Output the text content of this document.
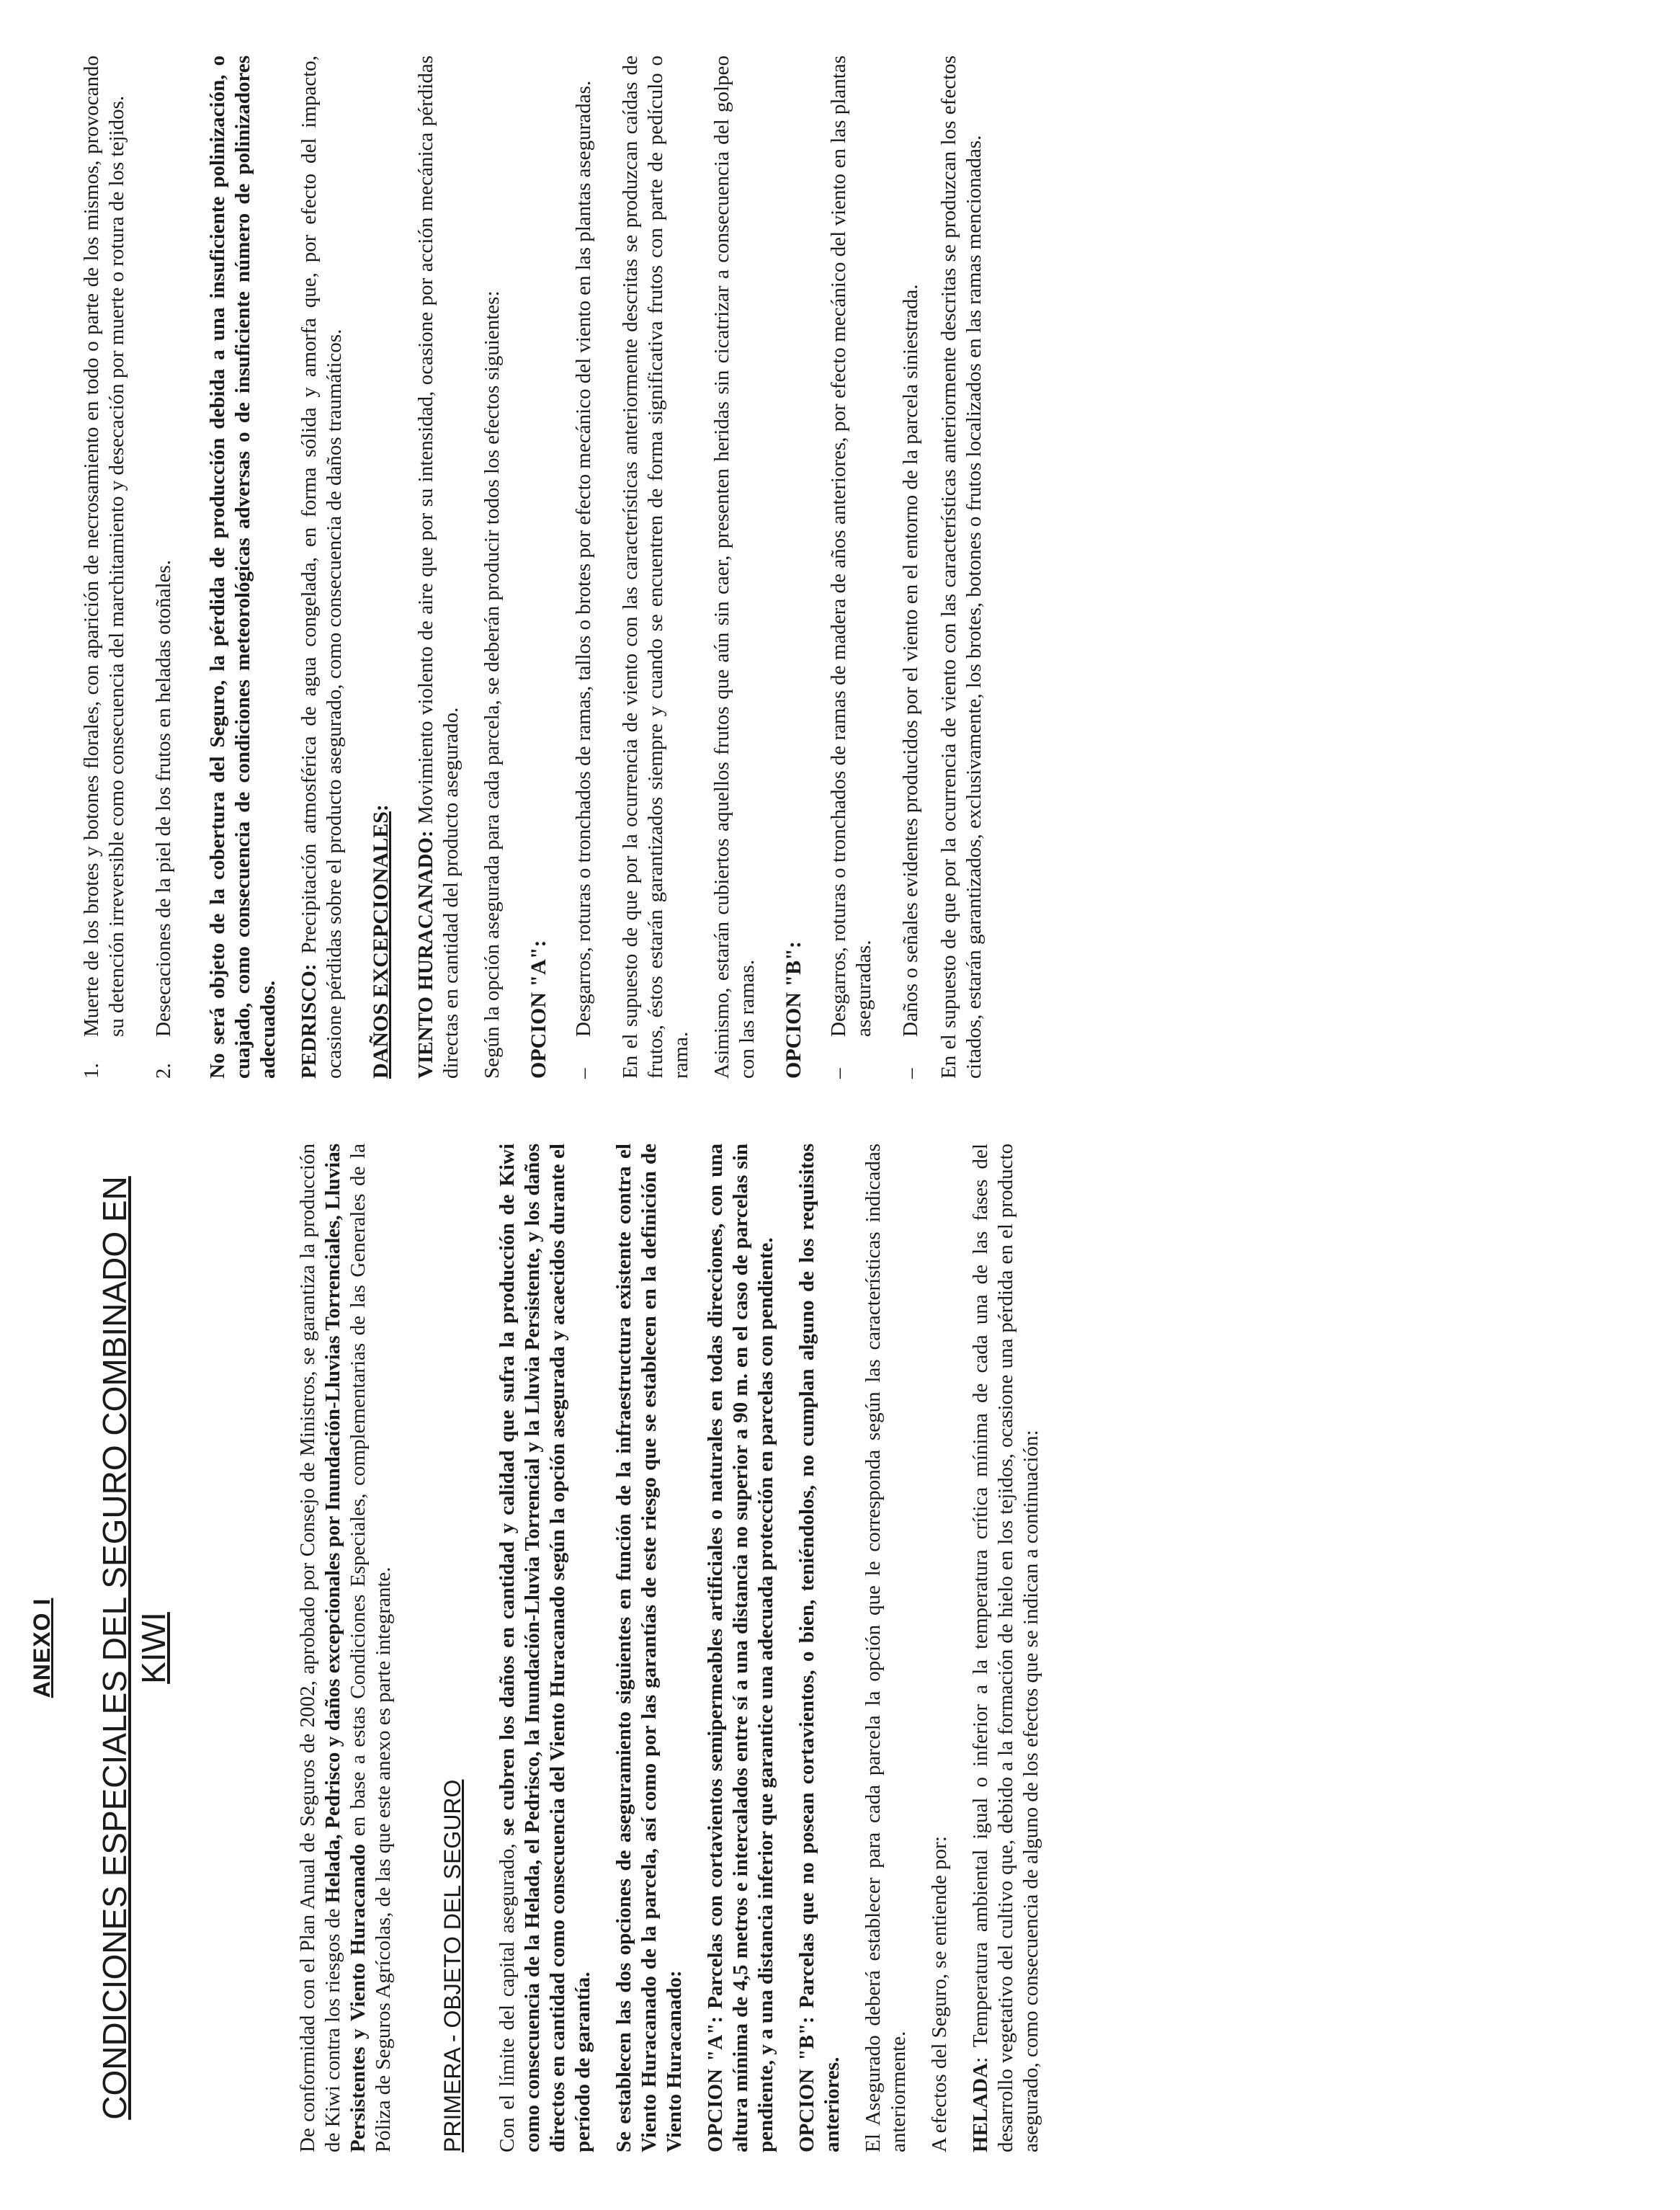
ANEXO I CONDICIONES ESPECIALES DEL SEGURO COMBINADO EN KIWI	De conformidad con el Plan Anual de Seguros de 2002, aprobado por Consejo de Ministros, se garantiza la producción de Kiwi contra los riesgos de Helada, Pedrisco y daños excepcionales por Inundación-Lluvias Torrenciales, Lluvias Persistentes y Viento Huracanado en base a estas Condiciones Especiales, complementarias de las Generales de la Póliza de Seguros Agrícolas, de las que este anexo es parte integrante. PRIMERA - OBJETO DEL SEGURO Con el límite del capital asegurado, se cubren los daños en cantidad y calidad que sufra la producción de Kiwi como consecuencia de la Helada, el Pedrisco, la Inundación-Lluvia Torrencial y la Lluvia Persistente, y los daños directos en cantidad como consecuencia del Viento Huracanado según la opción asegurada y acaecidos durante el período de garantía. Se establecen las dos opciones de aseguramiento siguientes en función de la infraestructura existente contra el Viento Huracanado de la parcela, así como por las garantías de este riesgo que se establecen en la definición de Viento Huracanado: OPCION "A": Parcelas con cortavientos semipermeables artificiales o naturales en todas direcciones, con una altura mínima de 4,5 metros e intercalados entre sí a una distancia no superior a 90 m. en el caso de parcelas sin pendiente, y a una distancia inferior que garantice una adecuada protección en parcelas con pendiente. OPCION "B": Parcelas que no posean cortavientos, o bien, teniéndolos, no cumplan alguno de los requisitos anteriores. El Asegurado deberá establecer para cada parcela la opción que le corresponda según las características indicadas anteriormente. A efectos del Seguro, se entiende por: HELADA: Temperatura ambiental igual o inferior a la temperatura crítica mínima de cada una de las fases del desarrollo vegetativo del cultivo que, debido a la formación de hielo en los tejidos, ocasione una pérdida en el producto asegurado, como consecuencia de alguno de los efectos que se indican a continuación:

1.
Muerte de los brotes y botones florales, con aparición de necrosamiento en todo o parte de los mismos, provocando su detención irreversible como consecuencia del marchitamiento y desecación por muerte o rotura de los tejidos.
2.
Desecaciones de la piel de los frutos en heladas otoñales. No será objeto de la cobertura del Seguro, la pérdida de producción debida a una insuficiente polinización, o cuajado, como consecuencia de condiciones meteorológicas adversas o de insuficiente número de polinizadores adecuados. PEDRISCO: Precipitación atmosférica de agua congelada, en forma sólida y amorfa que, por efecto del impacto, ocasione pérdidas sobre el producto asegurado, como consecuencia de daños traumáticos. DAÑOS EXCEPCIONALES:

VIENTO HURACANADO: Movimiento violento de aire que por su intensidad, ocasione por acción mecánica pérdidas directas en cantidad del producto asegurado. Según la opción asegurada para cada parcela, se deberán producir todos los efectos siguientes: OPCION "A": –
Desgarros, roturas o tronchados de ramas, tallos o brotes por efecto mecánico del viento en las plantas aseguradas. En el supuesto de que por la ocurrencia de viento con las características anteriormente descritas se produzcan caídas de frutos, éstos estarán garantizados siempre y cuando se encuentren de forma significativa frutos con parte de pedículo o rama. Asimismo, estarán cubiertos aquellos frutos que aún sin caer, presenten heridas sin cicatrizar a consecuencia del golpeo con las ramas. OPCION "B": –
Desgarros, roturas o tronchados de ramas de madera de años anteriores, por efecto mecánico del viento en las plantas aseguradas.
–
Daños o señales evidentes producidos por el viento en el entorno de la parcela siniestrada. En el supuesto de que por la ocurrencia de viento con las características anteriormente descritas se produzcan los efectos citados, estarán garantizados, exclusivamente, los brotes, botones o frutos localizados en las ramas mencionadas.
